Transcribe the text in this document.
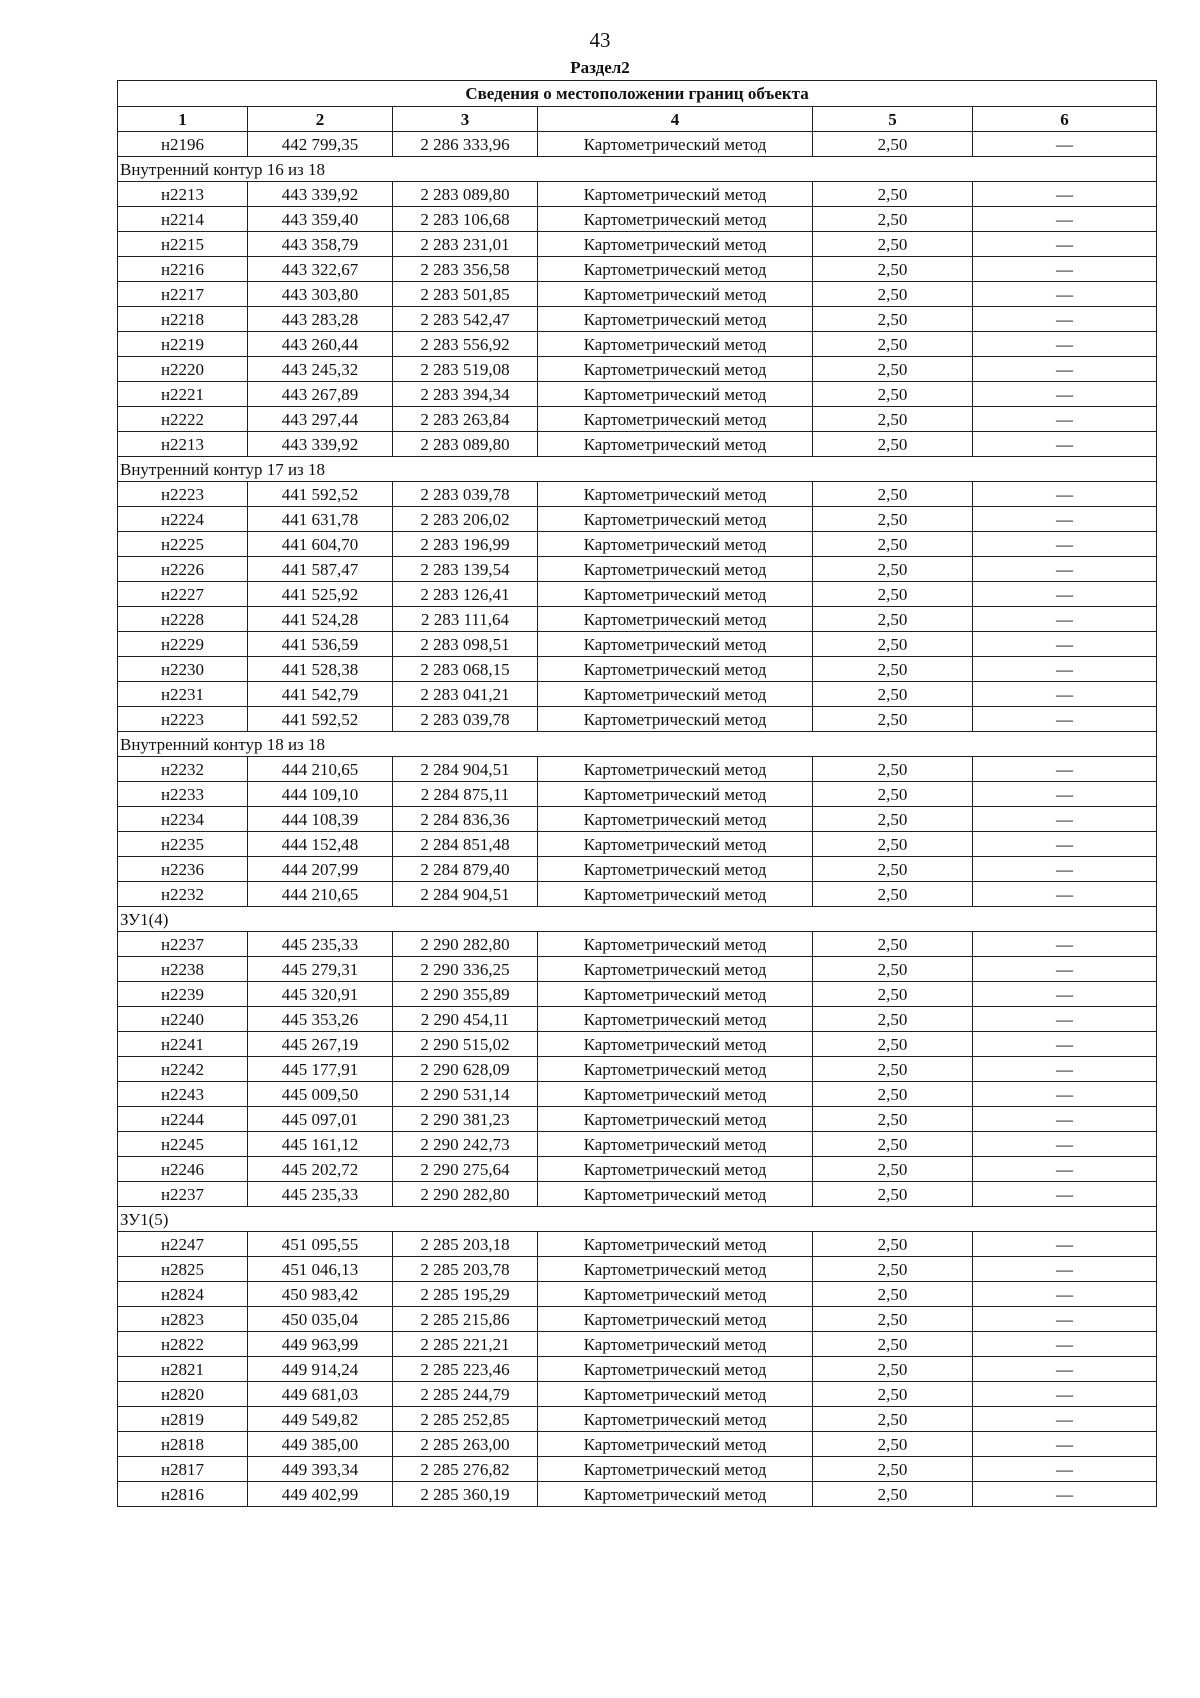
43
Раздел2
Сведения о местоположении границ объекта					
1	2	3	4	5	6
н2196	442 799,35	2 286 333,96	Картометрический метод	2,50	—
Внутренний контур 16 из 18					
н2213	443 339,92	2 283 089,80	Картометрический метод	2,50	—
н2214	443 359,40	2 283 106,68	Картометрический метод	2,50	—
н2215	443 358,79	2 283 231,01	Картометрический метод	2,50	—
н2216	443 322,67	2 283 356,58	Картометрический метод	2,50	—
н2217	443 303,80	2 283 501,85	Картометрический метод	2,50	—
н2218	443 283,28	2 283 542,47	Картометрический метод	2,50	—
н2219	443 260,44	2 283 556,92	Картометрический метод	2,50	—
н2220	443 245,32	2 283 519,08	Картометрический метод	2,50	—
н2221	443 267,89	2 283 394,34	Картометрический метод	2,50	—
н2222	443 297,44	2 283 263,84	Картометрический метод	2,50	—
н2213	443 339,92	2 283 089,80	Картометрический метод	2,50	—
Внутренний контур 17 из 18					
н2223	441 592,52	2 283 039,78	Картометрический метод	2,50	—
н2224	441 631,78	2 283 206,02	Картометрический метод	2,50	—
н2225	441 604,70	2 283 196,99	Картометрический метод	2,50	—
н2226	441 587,47	2 283 139,54	Картометрический метод	2,50	—
н2227	441 525,92	2 283 126,41	Картометрический метод	2,50	—
н2228	441 524,28	2 283 111,64	Картометрический метод	2,50	—
н2229	441 536,59	2 283 098,51	Картометрический метод	2,50	—
н2230	441 528,38	2 283 068,15	Картометрический метод	2,50	—
н2231	441 542,79	2 283 041,21	Картометрический метод	2,50	—
н2223	441 592,52	2 283 039,78	Картометрический метод	2,50	—
Внутренний контур 18 из 18					
н2232	444 210,65	2 284 904,51	Картометрический метод	2,50	—
н2233	444 109,10	2 284 875,11	Картометрический метод	2,50	—
н2234	444 108,39	2 284 836,36	Картометрический метод	2,50	—
н2235	444 152,48	2 284 851,48	Картометрический метод	2,50	—
н2236	444 207,99	2 284 879,40	Картометрический метод	2,50	—
н2232	444 210,65	2 284 904,51	Картометрический метод	2,50	—
ЗУ1(4)					
н2237	445 235,33	2 290 282,80	Картометрический метод	2,50	—
н2238	445 279,31	2 290 336,25	Картометрический метод	2,50	—
н2239	445 320,91	2 290 355,89	Картометрический метод	2,50	—
н2240	445 353,26	2 290 454,11	Картометрический метод	2,50	—
н2241	445 267,19	2 290 515,02	Картометрический метод	2,50	—
н2242	445 177,91	2 290 628,09	Картометрический метод	2,50	—
н2243	445 009,50	2 290 531,14	Картометрический метод	2,50	—
н2244	445 097,01	2 290 381,23	Картометрический метод	2,50	—
н2245	445 161,12	2 290 242,73	Картометрический метод	2,50	—
н2246	445 202,72	2 290 275,64	Картометрический метод	2,50	—
н2237	445 235,33	2 290 282,80	Картометрический метод	2,50	—
ЗУ1(5)					
н2247	451 095,55	2 285 203,18	Картометрический метод	2,50	—
н2825	451 046,13	2 285 203,78	Картометрический метод	2,50	—
н2824	450 983,42	2 285 195,29	Картометрический метод	2,50	—
н2823	450 035,04	2 285 215,86	Картометрический метод	2,50	—
н2822	449 963,99	2 285 221,21	Картометрический метод	2,50	—
н2821	449 914,24	2 285 223,46	Картометрический метод	2,50	—
н2820	449 681,03	2 285 244,79	Картометрический метод	2,50	—
н2819	449 549,82	2 285 252,85	Картометрический метод	2,50	—
н2818	449 385,00	2 285 263,00	Картометрический метод	2,50	—
н2817	449 393,34	2 285 276,82	Картометрический метод	2,50	—
н2816	449 402,99	2 285 360,19	Картометрический метод	2,50	—
